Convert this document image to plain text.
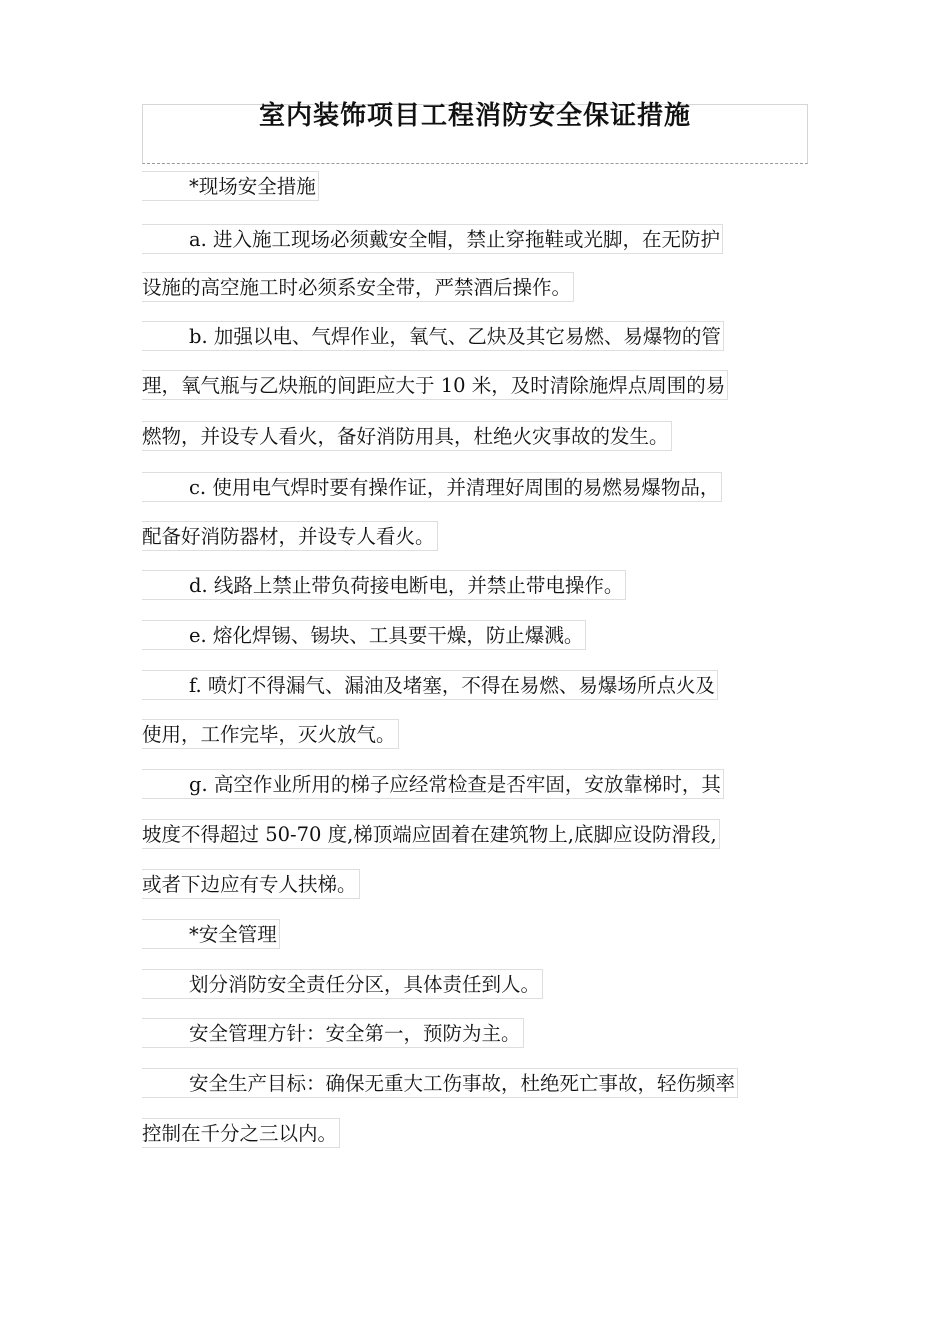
室内装饰项目工程消防安全保证措施
*现场安全措施
a. 进入施工现场必须戴安全帽，禁止穿拖鞋或光脚，在无防护
设施的高空施工时必须系安全带，严禁酒后操作。
b. 加强以电、气焊作业，氧气、乙炔及其它易燃、易爆物的管
理，氧气瓶与乙炔瓶的间距应大于 10 米，及时清除施焊点周围的易
燃物，并设专人看火，备好消防用具，杜绝火灾事故的发生。
c. 使用电气焊时要有操作证，并清理好周围的易燃易爆物品，
配备好消防器材，并设专人看火。
d. 线路上禁止带负荷接电断电，并禁止带电操作。
e. 熔化焊锡、锡块、工具要干燥，防止爆溅。
f. 喷灯不得漏气、漏油及堵塞，不得在易燃、易爆场所点火及
使用，工作完毕，灭火放气。
g. 高空作业所用的梯子应经常检查是否牢固，安放靠梯时，其
坡度不得超过 50-70 度,梯顶端应固着在建筑物上,底脚应设防滑段,
或者下边应有专人扶梯。
*安全管理
划分消防安全责任分区，具体责任到人。
安全管理方针：安全第一，预防为主。
安全生产目标：确保无重大工伤事故，杜绝死亡事故，轻伤频率
控制在千分之三以内。
